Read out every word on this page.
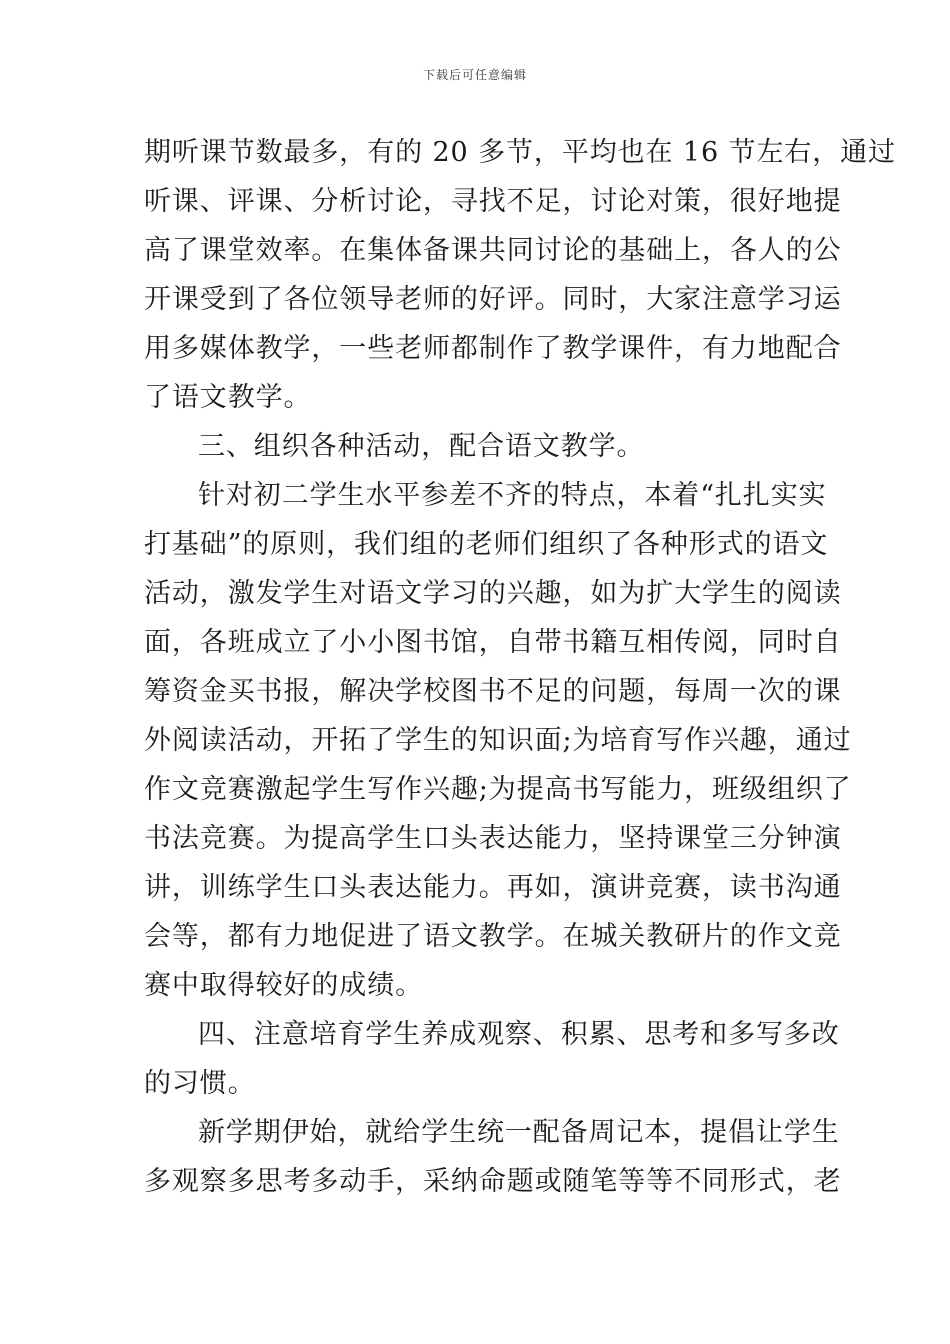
下载后可任意编辑
期听课节数最多，有的 20 多节，平均也在 16 节左右，通过
听课、评课、分析讨论，寻找不足，讨论对策，很好地提
高了课堂效率。在集体备课共同讨论的基础上，各人的公
开课受到了各位领导老师的好评。同时，大家注意学习运
用多媒体教学，一些老师都制作了教学课件，有力地配合
了语文教学。
三、组织各种活动，配合语文教学。
针对初二学生水平参差不齐的特点，本着“扎扎实实
打基础”的原则，我们组的老师们组织了各种形式的语文
活动，激发学生对语文学习的兴趣，如为扩大学生的阅读
面，各班成立了小小图书馆，自带书籍互相传阅，同时自
筹资金买书报，解决学校图书不足的问题，每周一次的课
外阅读活动，开拓了学生的知识面;为培育写作兴趣，通过
作文竞赛激起学生写作兴趣;为提高书写能力，班级组织了
书法竞赛。为提高学生口头表达能力，坚持课堂三分钟演
讲，训练学生口头表达能力。再如，演讲竞赛，读书沟通
会等，都有力地促进了语文教学。在城关教研片的作文竞
赛中取得较好的成绩。
四、注意培育学生养成观察、积累、思考和多写多改
的习惯。
新学期伊始，就给学生统一配备周记本，提倡让学生
多观察多思考多动手，采纳命题或随笔等等不同形式，老
